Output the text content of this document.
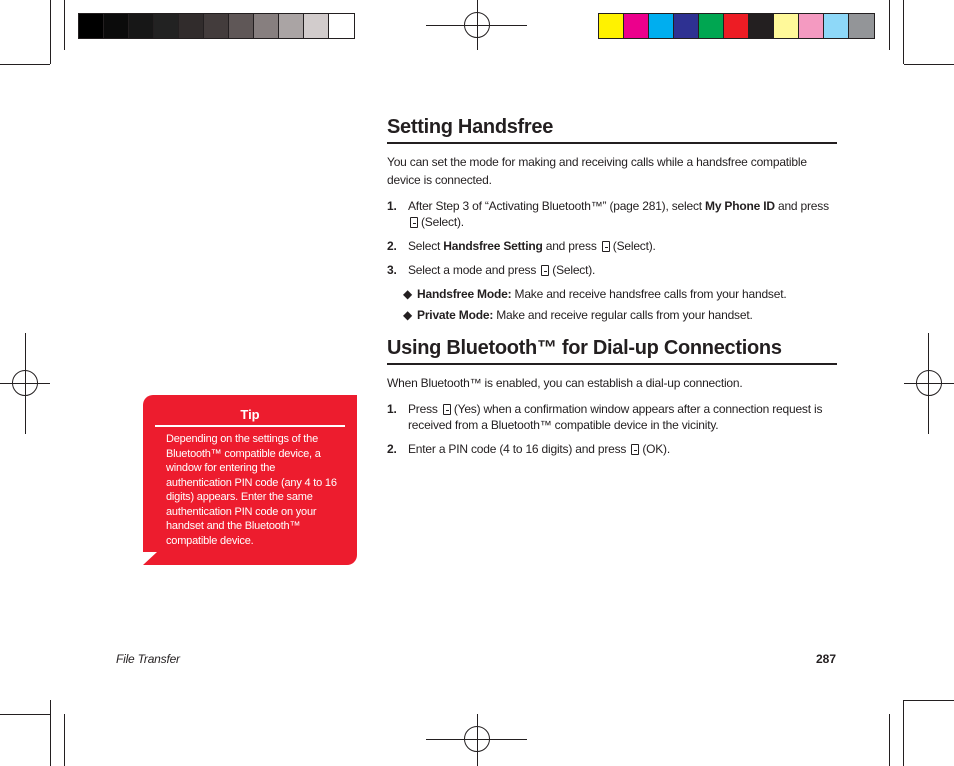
Setting Handsfree
You can set the mode for making and receiving calls while a handsfree compatible device is connected.
1. After Step 3 of “Activating Bluetooth™” (page 281), select My Phone ID and press
(Select).
2. Select Handsfree Setting and press (Select).
3. Select a mode and press (Select).
◆ Handsfree Mode: Make and receive handsfree calls from your handset.
◆ Private Mode: Make and receive regular calls from your handset.
Using Bluetooth™ for Dial-up Connections
When Bluetooth™ is enabled, you can establish a dial-up connection.
1. Press (Yes) when a confirmation window appears after a connection request is received from a Bluetooth™ compatible device in the vicinity.
2. Enter a PIN code (4 to 16 digits) and press (OK).
Tip
Depending on the settings of the Bluetooth™ compatible device, a window for entering the authentication PIN code (any 4 to 16 digits) appears. Enter the same authentication PIN code on your handset and the Bluetooth™ compatible device.
File Transfer	287
